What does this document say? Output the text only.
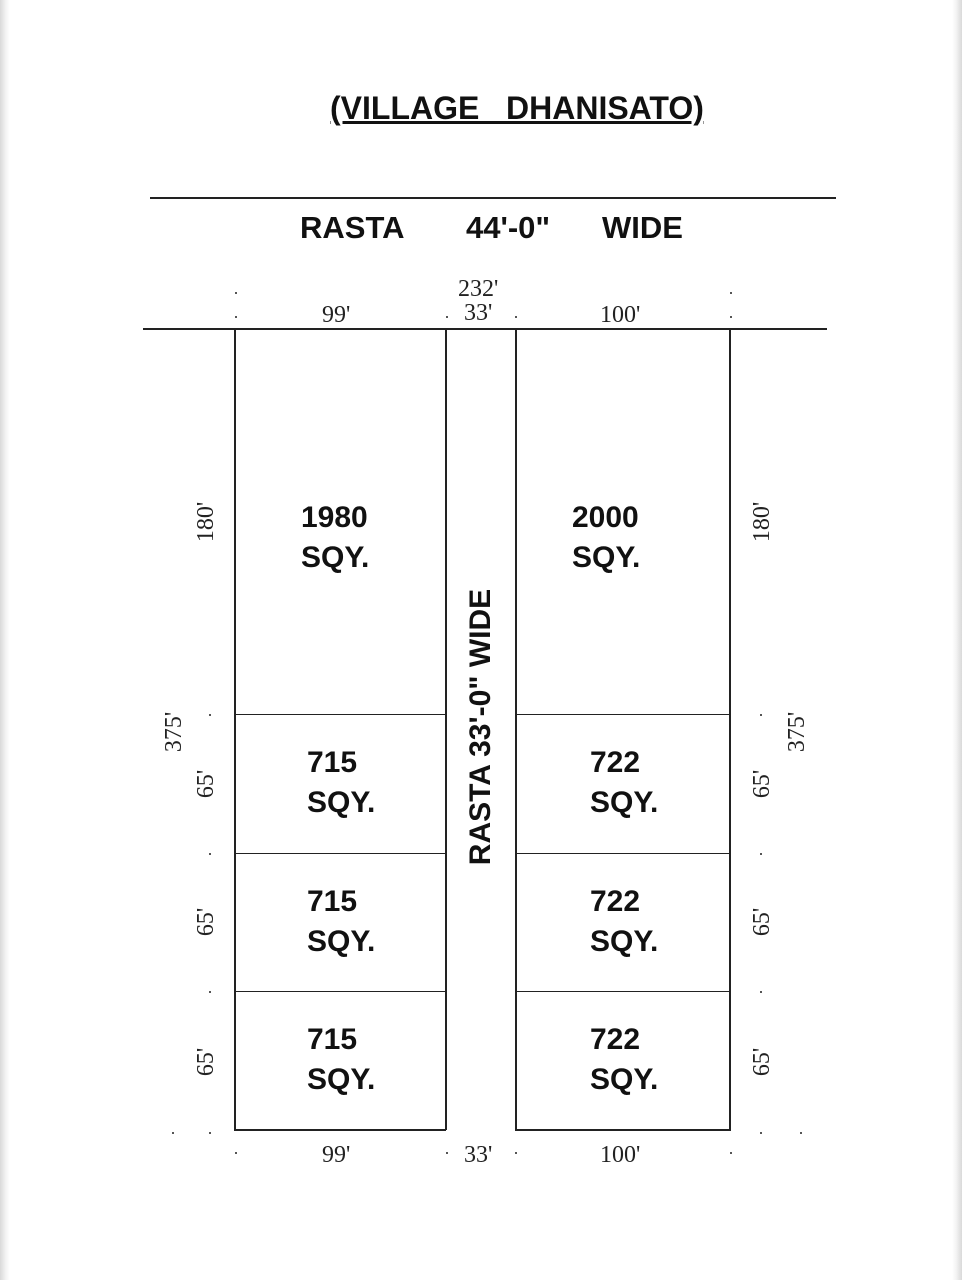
(VILLAGE   DHANISATO)
RASTA 44'-0" WIDE
232'
99'	33'	100'
1980
SQY.
715
SQY.
715
SQY.
715
SQY.
2000
SQY.
722
SQY.
722
SQY.
722
SQY.
RASTA 33'-0" WIDE
375'
180'
65'
65'
65'
180'
65'
65'
65'
375'
99'	33'	100'
